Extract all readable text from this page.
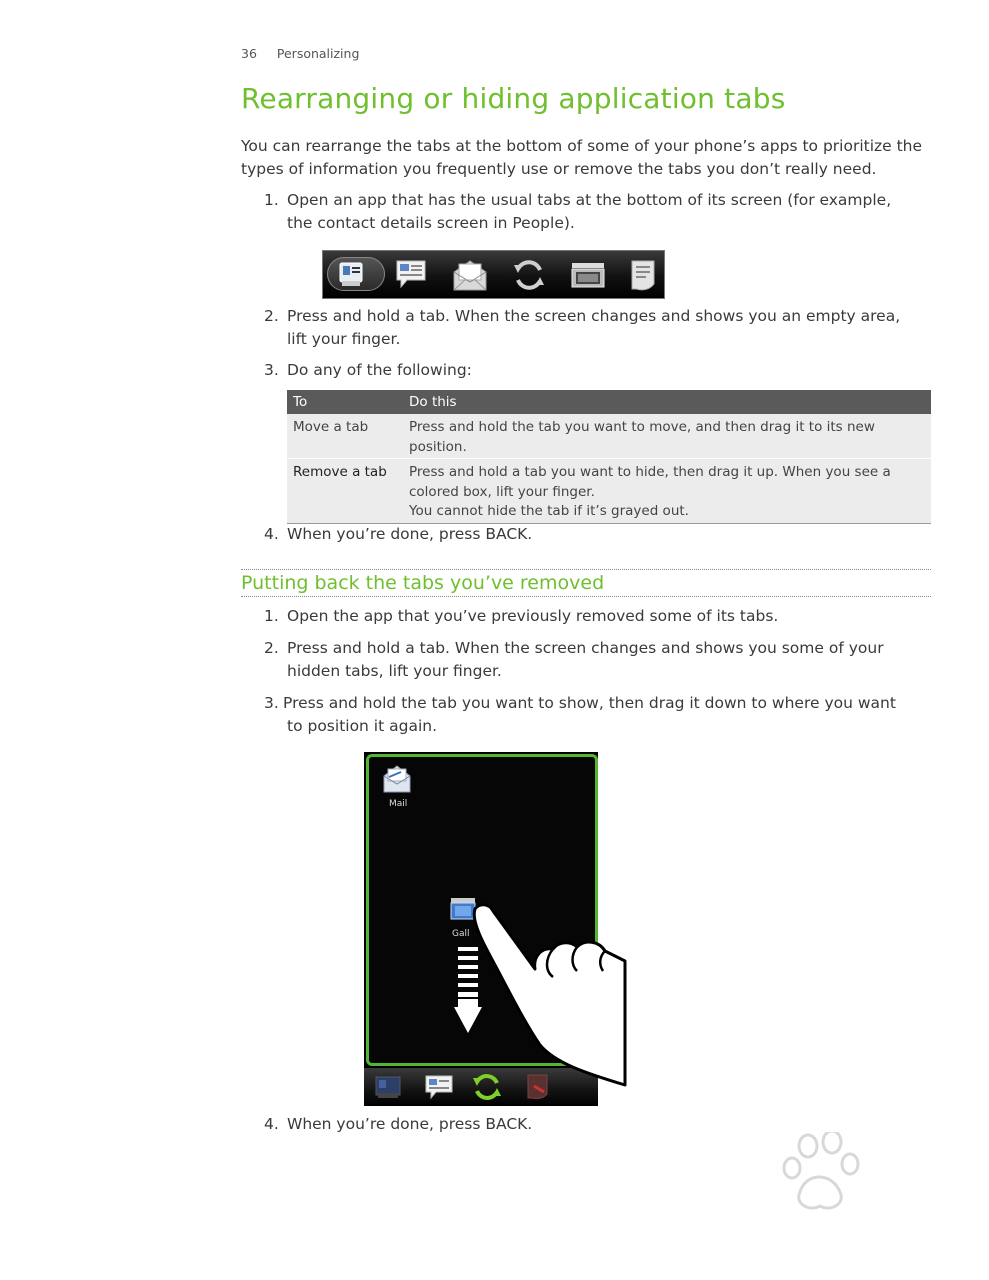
36 Personalizing
Rearranging or hiding application tabs

You can rearrange the tabs at the bottom of some of your phone’s apps to prioritize the types of information you frequently use or remove the tabs you don’t really need.

1. Open an app that has the usual tabs at the bottom of its screen (for example, the contact details screen in People).
2. Press and hold a tab. When the screen changes and shows you an empty area, lift your finger.
3. Do any of the following:
To	Do this
Move a tab	Press and hold the tab you want to move, and then drag it to its new position.
Remove a tab	Press and hold a tab you want to hide, then drag it up. When you see a colored box, lift your finger.
You cannot hide the tab if it’s grayed out.
4. When you’re done, press BACK.
Putting back the tabs you’ve removed
1. Open the app that you’ve previously removed some of its tabs.
2. Press and hold a tab. When the screen changes and shows you some of your hidden tabs, lift your finger.
3. Press and hold the tab you want to show, then drag it down to where you want
to position it again.
Mail
Gall
4. When you’re done, press BACK.
